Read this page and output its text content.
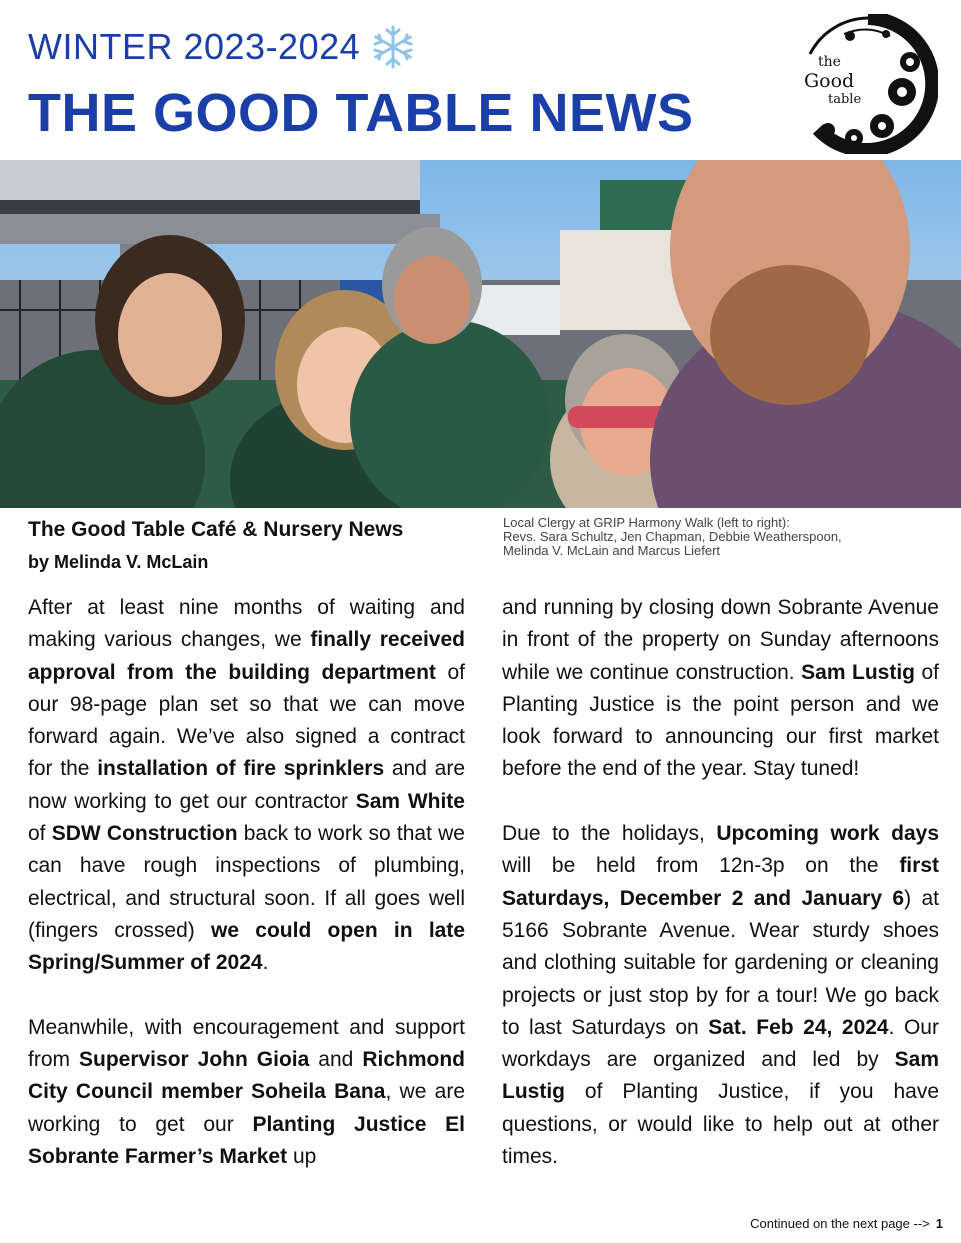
WINTER 2023-2024
THE GOOD TABLE NEWS
the
Good
table
Local Clergy at GRIP Harmony Walk (left to right):
Revs. Sara Schultz, Jen Chapman, Debbie Weatherspoon,
Melinda V. McLain and Marcus Liefert
The Good Table Café & Nursery News
by Melinda V. McLain

After at least nine months of waiting and making various changes, we finally received approval from the building department of our 98-page plan set so that we can move forward again. We’ve also signed a contract for the installation of fire sprinklers and are now working to get our contractor Sam White of SDW Construction back to work so that we can have rough inspections of plumbing, electrical, and structural soon. If all goes well (fingers crossed) we could open in late Spring/Summer of 2024.

Meanwhile, with encouragement and support from Supervisor John Gioia and Richmond City Council member Soheila Bana, we are working to get our Planting Justice El Sobrante Farmer’s Market up

and running by closing down Sobrante Avenue in front of the property on Sunday afternoons while we continue construction. Sam Lustig of Planting Justice is the point person and we look forward to announcing our first market before the end of the year. Stay tuned!

Due to the holidays, Upcoming work days will be held from 12n-3p on the first Saturdays, December 2 and January 6) at 5166 Sobrante Avenue. Wear sturdy shoes and clothing suitable for gardening or cleaning projects or just stop by for a tour! We go back to last Saturdays on Sat. Feb 24, 2024. Our workdays are organized and led by Sam Lustig of Planting Justice, if you have questions, or would like to help out at other times.

Continued on the next page --> 1
